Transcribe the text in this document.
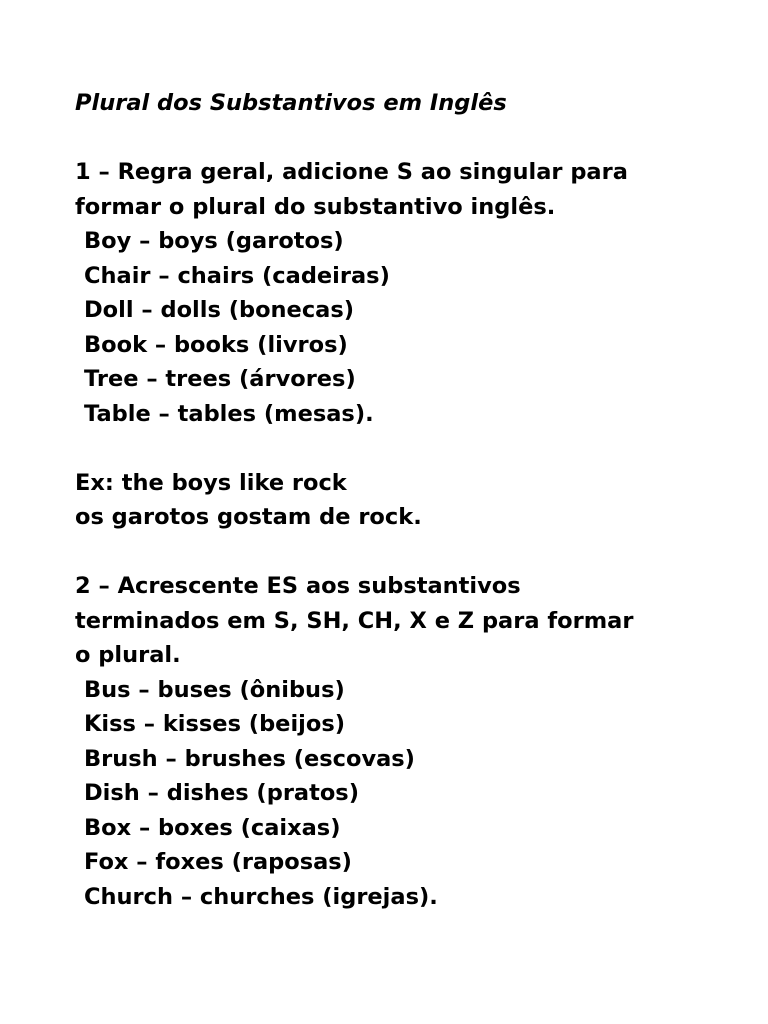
Plural dos Substantivos em Inglês
1 – Regra geral, adicione S ao singular para
formar o plural do substantivo inglês.
Boy – boys (garotos)
Chair – chairs (cadeiras)
Doll – dolls (bonecas)
Book – books (livros)
Tree – trees (árvores)
Table – tables (mesas).
Ex: the boys like rock
os garotos gostam de rock.
2 – Acrescente ES aos substantivos
terminados em S, SH, CH, X e Z para formar
o plural.
Bus – buses (ônibus)
Kiss – kisses (beijos)
Brush – brushes (escovas)
Dish – dishes (pratos)
Box – boxes (caixas)
Fox – foxes (raposas)
Church – churches (igrejas).
